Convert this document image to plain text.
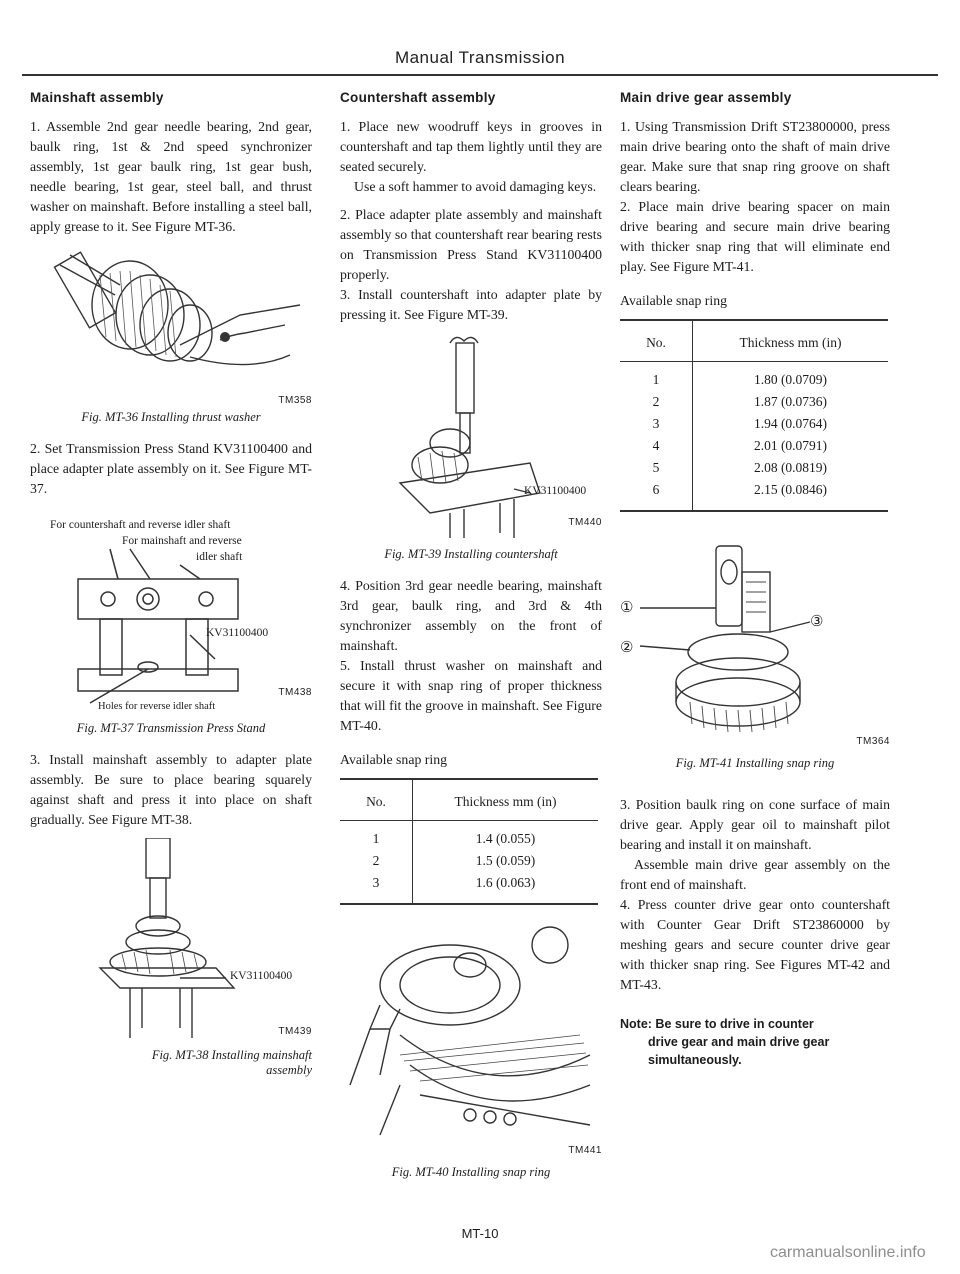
Manual Transmission
Mainshaft assembly

1. Assemble 2nd gear needle bearing, 2nd gear, baulk ring, 1st & 2nd speed synchronizer assembly, 1st gear baulk ring, 1st gear bush, needle bearing, 1st gear, steel ball, and thrust washer on mainshaft. Before installing a steel ball, apply grease to it. See Figure MT-36.

TM358
Fig. MT-36 Installing thrust washer

2. Set Transmission Press Stand KV31100400 and place adapter plate assembly on it. See Figure MT-37.

For countershaft and reverse idler shaft
For mainshaft and reverse
idler shaft
KV31100400
TM438
Holes for reverse idler shaft
Fig. MT-37 Transmission Press Stand

3. Install mainshaft assembly to adapter plate assembly. Be sure to place bearing squarely against shaft and press it into place on shaft gradually. See Figure MT-38.

KV31100400
TM439
Fig. MT-38 Installing mainshaft
assembly
Countershaft assembly

1. Place new woodruff keys in grooves in countershaft and tap them lightly until they are seated securely.

Use a soft hammer to avoid damaging keys.

2. Place adapter plate assembly and mainshaft assembly so that countershaft rear bearing rests on Transmission Press Stand KV31100400 properly.

3. Install countershaft into adapter plate by pressing it. See Figure MT-39.

KV31100400
TM440
Fig. MT-39 Installing countershaft

4. Position 3rd gear needle bearing, mainshaft 3rd gear, baulk ring, and 3rd & 4th synchronizer assembly on the front of mainshaft.

5. Install thrust washer on mainshaft and secure it with snap ring of proper thickness that will fit the groove in mainshaft. See Figure MT-40.

Available snap ring

No.	Thickness mm (in)
1	1.4 (0.055)
2	1.5 (0.059)
3	1.6 (0.063)
TM441
Fig. MT-40 Installing snap ring
Main drive gear assembly

1. Using Transmission Drift ST23800000, press main drive bearing onto the shaft of main drive gear. Make sure that snap ring groove on shaft clears bearing.

2. Place main drive bearing spacer on main drive bearing and secure main drive bearing with thicker snap ring that will eliminate end play. See Figure MT-41.

Available snap ring

No.	Thickness mm (in)
1	1.80 (0.0709)
2	1.87 (0.0736)
3	1.94 (0.0764)
4	2.01 (0.0791)
5	2.08 (0.0819)
6	2.15 (0.0846)
①
②
③
TM364
Fig. MT-41 Installing snap ring

3. Position baulk ring on cone surface of main drive gear. Apply gear oil to mainshaft pilot bearing and install it on mainshaft.

Assemble main drive gear assembly on the front end of mainshaft.

4. Press counter drive gear onto countershaft with Counter Gear Drift ST23860000 by meshing gears and secure counter drive gear with thicker snap ring. See Figures MT-42 and MT-43.

Note: Be sure to drive in counter
drive gear and main drive gear
simultaneously.
MT-10
carmanualsonline.info
